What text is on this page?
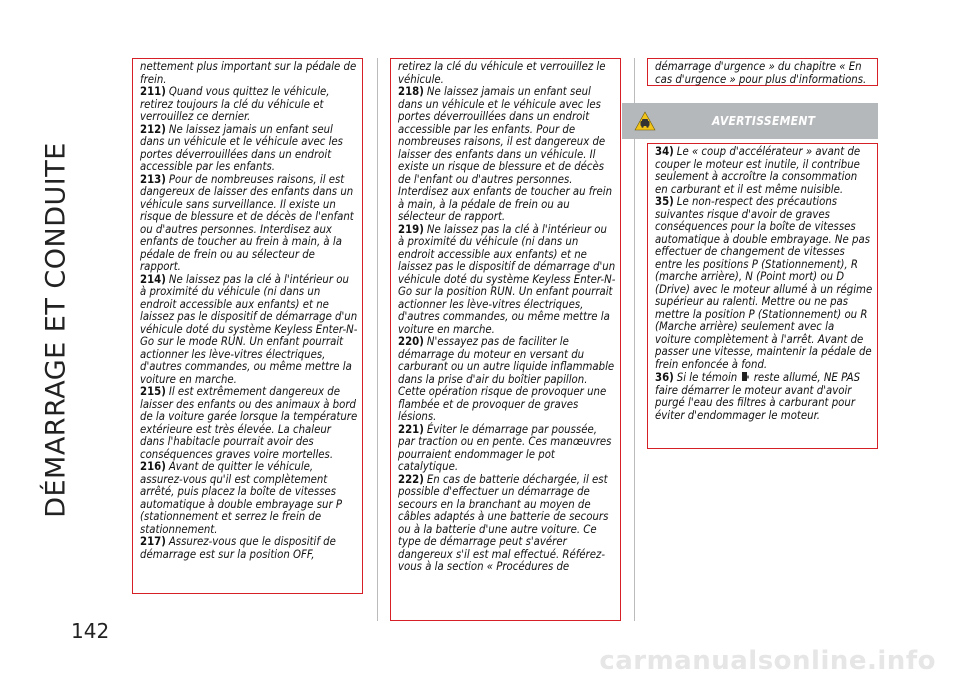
DÉMARRAGE ET CONDUITE
142

nettement plus important sur la pédale de frein.

211) Quand vous quittez le véhicule, retirez toujours la clé du véhicule et verrouillez ce dernier.

212) Ne laissez jamais un enfant seul dans un véhicule et le véhicule avec les portes déverrouillées dans un endroit accessible par les enfants.

213) Pour de nombreuses raisons, il est dangereux de laisser des enfants dans un véhicule sans surveillance. Il existe un risque de blessure et de décès de l'enfant ou d'autres personnes. Interdisez aux enfants de toucher au frein à main, à la pédale de frein ou au sélecteur de rapport.

214) Ne laissez pas la clé à l'intérieur ou à proximité du véhicule (ni dans un endroit accessible aux enfants) et ne laissez pas le dispositif de démarrage d'un véhicule doté du système Keyless Enter-N-Go sur le mode RUN. Un enfant pourrait actionner les lève-vitres électriques, d'autres commandes, ou même mettre la voiture en marche.

215) Il est extrêmement dangereux de laisser des enfants ou des animaux à bord de la voiture garée lorsque la température extérieure est très élevée. La chaleur dans l'habitacle pourrait avoir des conséquences graves voire mortelles.

216) Avant de quitter le véhicule, assurez-vous qu'il est complètement arrêté, puis placez la boîte de vitesses automatique à double embrayage sur P (stationnement et serrez le frein de stationnement.

217) Assurez-vous que le dispositif de démarrage est sur la position OFF,

retirez la clé du véhicule et verrouillez le véhicule.

218) Ne laissez jamais un enfant seul dans un véhicule et le véhicule avec les portes déverrouillées dans un endroit accessible par les enfants. Pour de nombreuses raisons, il est dangereux de laisser des enfants dans un véhicule. Il existe un risque de blessure et de décès de l'enfant ou d'autres personnes. Interdisez aux enfants de toucher au frein à main, à la pédale de frein ou au sélecteur de rapport.

219) Ne laissez pas la clé à l'intérieur ou à proximité du véhicule (ni dans un endroit accessible aux enfants) et ne laissez pas le dispositif de démarrage d'un véhicule doté du système Keyless Enter-N-Go sur la position RUN. Un enfant pourrait actionner les lève-vitres électriques, d'autres commandes, ou même mettre la voiture en marche.

220) N'essayez pas de faciliter le démarrage du moteur en versant du carburant ou un autre liquide inflammable dans la prise d'air du boîtier papillon. Cette opération risque de provoquer une flambée et de provoquer de graves lésions.

221) Éviter le démarrage par poussée, par traction ou en pente. Ces manœuvres pourraient endommager le pot catalytique.

222) En cas de batterie déchargée, il est possible d'effectuer un démarrage de secours en la branchant au moyen de câbles adaptés à une batterie de secours ou à la batterie d'une autre voiture. Ce type de démarrage peut s'avérer dangereux s'il est mal effectué. Référez-vous à la section « Procédures de

démarrage d'urgence » du chapitre « En cas d'urgence » pour plus d'informations.

AVERTISSEMENT

34) Le « coup d'accélérateur » avant de couper le moteur est inutile, il contribue seulement à accroître la consommation en carburant et il est même nuisible.

35) Le non-respect des précautions suivantes risque d'avoir de graves conséquences pour la boîte de vitesses automatique à double embrayage. Ne pas effectuer de changement de vitesses entre les positions P (Stationnement), R (marche arrière), N (Point mort) ou D (Drive) avec le moteur allumé à un régime supérieur au ralenti. Mettre ou ne pas mettre la position P (Stationnement) ou R (Marche arrière) seulement avec la voiture complètement à l'arrêt. Avant de passer une vitesse, maintenir la pédale de frein enfoncée à fond.

36) Si le témoin reste allumé, NE PAS faire démarrer le moteur avant d'avoir purgé l'eau des filtres à carburant pour éviter d'endommager le moteur.

carmanualsonline.info
